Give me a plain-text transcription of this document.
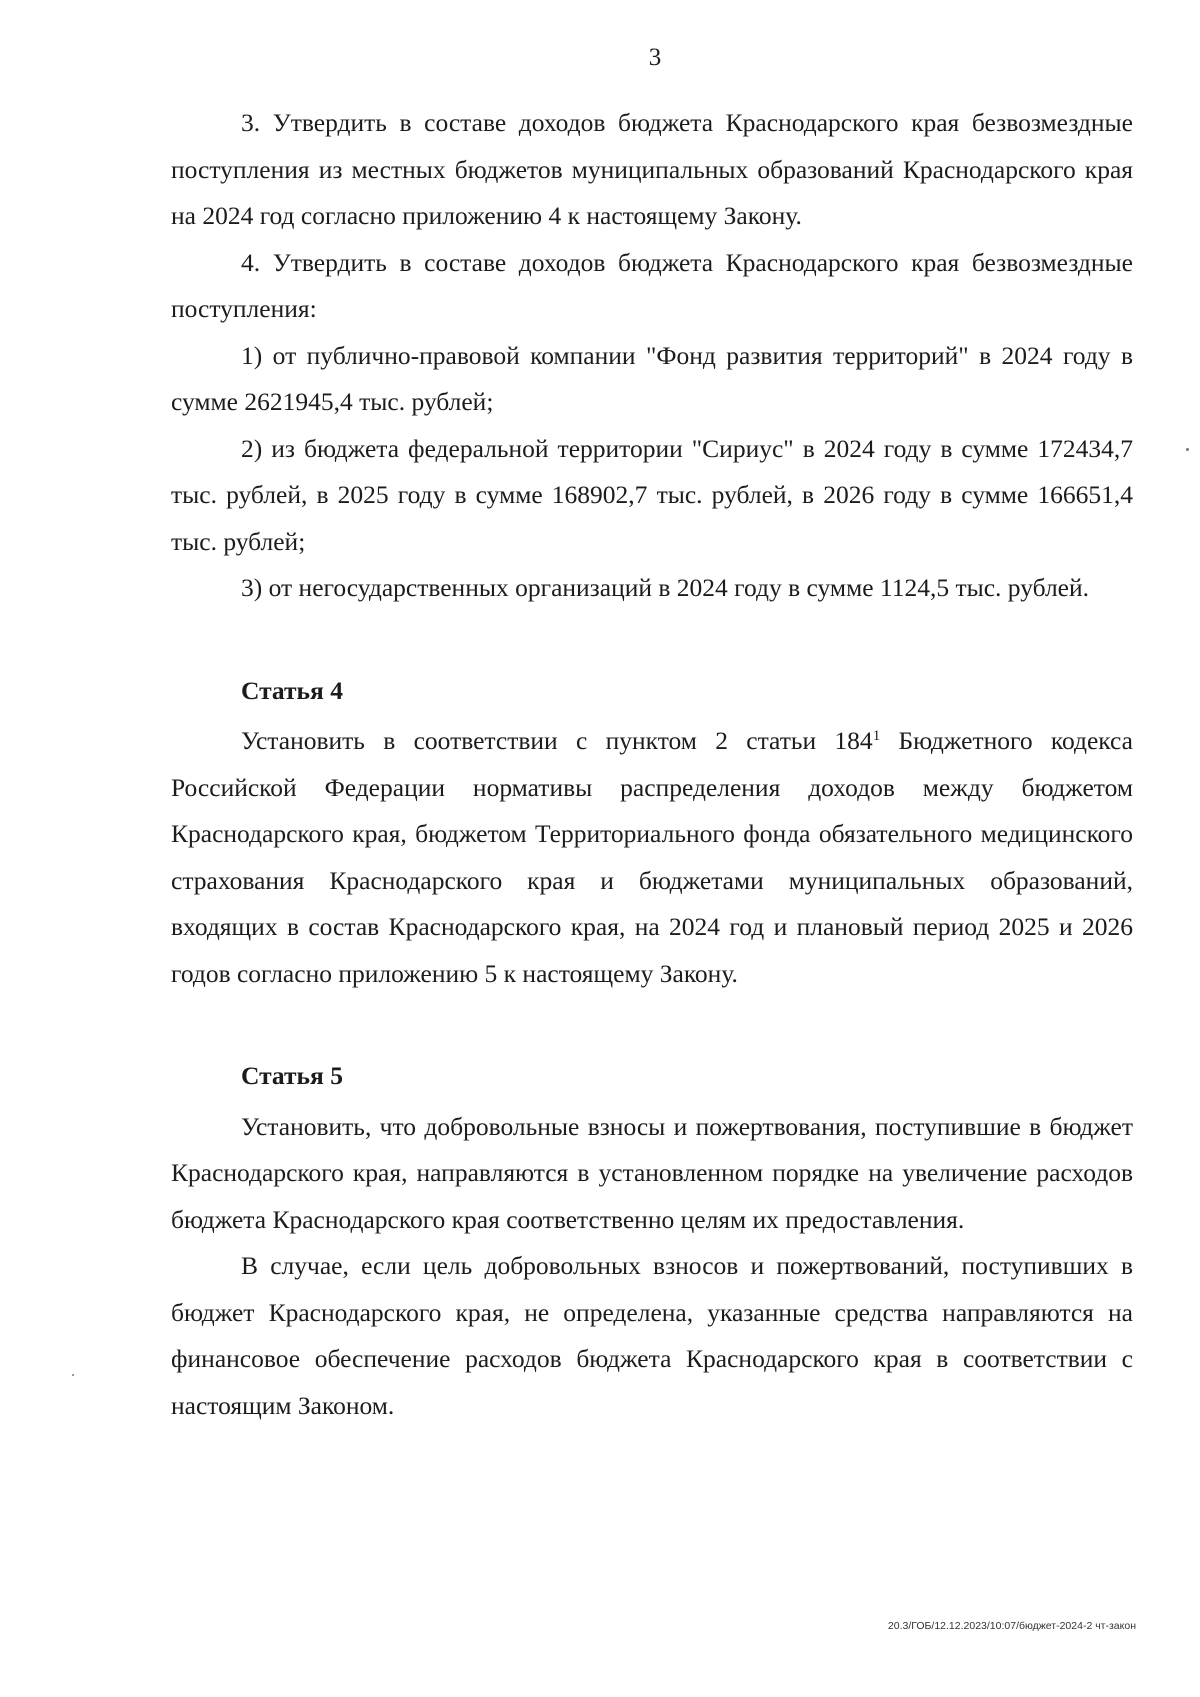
3

3. Утвердить в составе доходов бюджета Краснодарского края безвозмездные поступления из местных бюджетов муниципальных образований Краснодарского края на 2024 год согласно приложению 4 к настоящему Закону.

4. Утвердить в составе доходов бюджета Краснодарского края безвозмездные поступления:

1) от публично-правовой компании "Фонд развития территорий" в 2024 году в сумме 2621945,4 тыс. рублей;

2) из бюджета федеральной территории "Сириус" в 2024 году в сумме 172434,7 тыс. рублей, в 2025 году в сумме 168902,7 тыс. рублей, в 2026 году в сумме 166651,4 тыс. рублей;

3) от негосударственных организаций в 2024 году в сумме 1124,5 тыс. рублей.

Статья 4

Установить в соответствии с пунктом 2 статьи $184^1$ Бюджетного кодекса Российской Федерации нормативы распределения доходов между бюджетом Краснодарского края, бюджетом Территориального фонда обязательного медицинского страхования Краснодарского края и бюджетами муниципальных образований, входящих в состав Краснодарского края, на 2024 год и плановый период 2025 и 2026 годов согласно приложению 5 к настоящему Закону.

Статья 5

Установить, что добровольные взносы и пожертвования, поступившие в бюджет Краснодарского края, направляются в установленном порядке на увеличение расходов бюджета Краснодарского края соответственно целям их предоставления.

В случае, если цель добровольных взносов и пожертвований, поступивших в бюджет Краснодарского края, не определена, указанные средства направляются на финансовое обеспечение расходов бюджета Краснодарского края в соответствии с настоящим Законом.

20.3/ГОБ/12.12.2023/10:07/бюджет-2024-2 чт-закон
